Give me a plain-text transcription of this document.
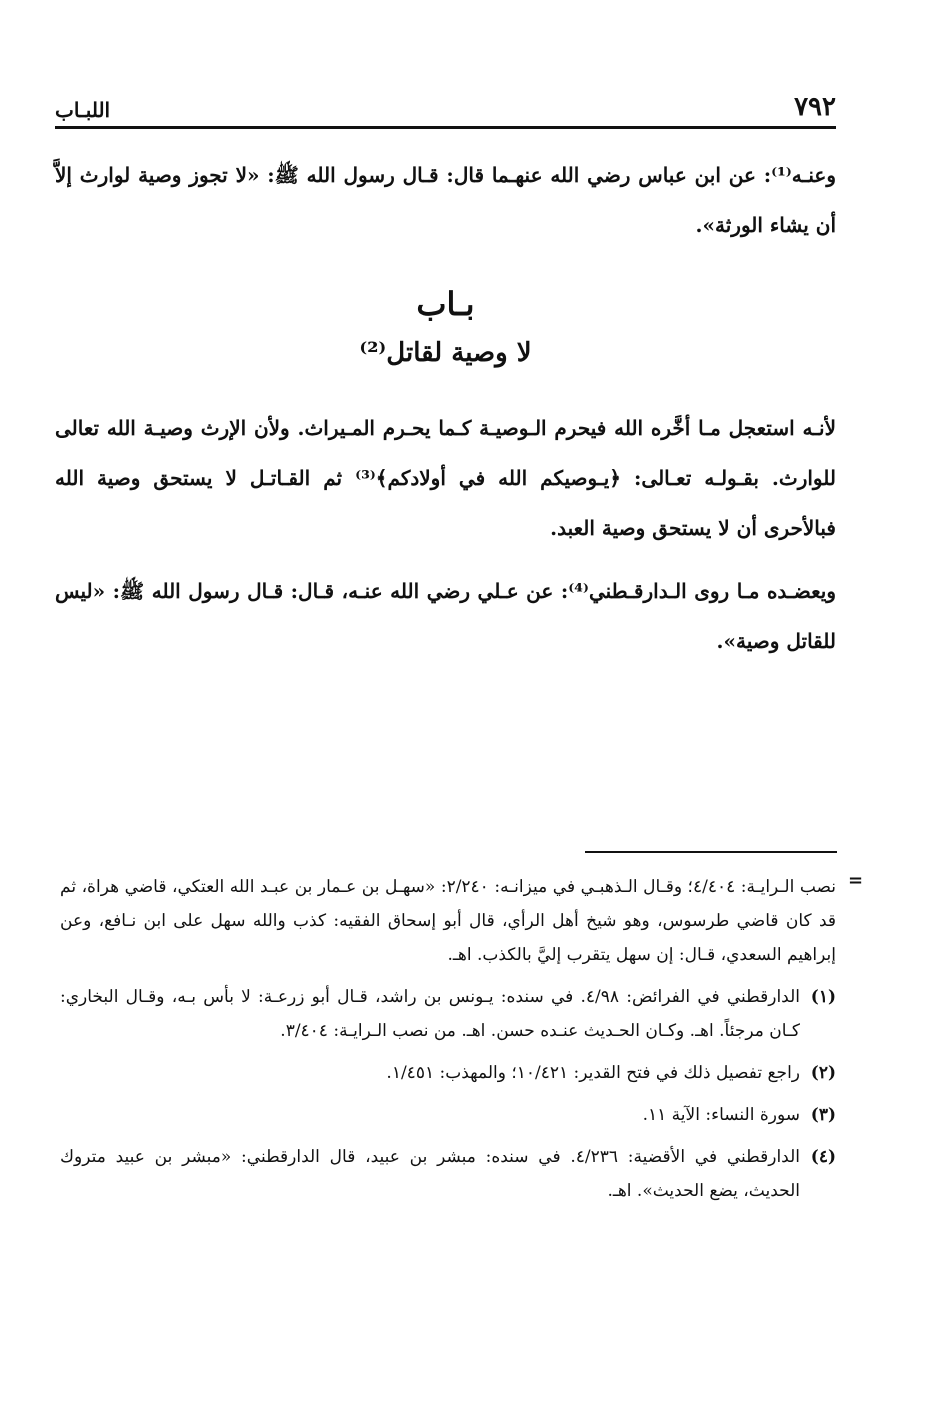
٧٩٢
اللبـاب
وعنـه⁽¹⁾: عن ابن عباس رضي الله عنهـما قال: قـال رسول الله ﷺ: «لا تجوز وصية لوارث إلاَّ أن يشاء الورثة».
بـاب
لا وصية لقاتل⁽²⁾
لأنـه استعجل مـا أخَّره الله فيحرم الـوصيـة كـما يحـرم المـيراث. ولأن الإرث وصيـة الله تعالى للوارث. بقـولـه تعـالى: ﴿يـوصيكم الله في أولادكم﴾⁽³⁾ ثم القـاتـل لا يستحق وصية الله فبالأحرى أن لا يستحق وصية العبد.
ويعضـده مـا روى الـدارقـطني⁽⁴⁾: عن عـلي رضي الله عنـه، قـال: قـال رسول الله ﷺ: «ليس للقاتل وصية».
=
نصب الـرايـة: ٤/٤٠٤؛ وقـال الـذهبـي في ميزانـه: ٢/٢٤٠: «سهـل بن عـمار بن عبـد الله العتكي، قاضي هراة، ثم قد كان قاضي طرسوس، وهو شيخ أهل الرأي، قال أبو إسحاق الفقيه: كذب والله سهل على ابن نـافع، وعن إبراهيم السعدي، قـال: إن سهل يتقرب إليَّ بالكذب. اهـ.
(١)
الدارقطني في الفرائض: ٤/٩٨. في سنده: يـونس بن راشد، قـال أبو زرعـة: لا بأس بـه، وقـال البخاري: كـان مرجئاً. اهـ. وكـان الحـديث عنـده حسن. اهـ. من نصب الـرايـة: ٣/٤٠٤.
(٢)
راجع تفصيل ذلك في فتح القدير: ١٠/٤٢١؛ والمهذب: ١/٤٥١.
(٣)
سورة النساء: الآية ١١.
(٤)
الدارقطني في الأقضية: ٤/٢٣٦. في سنده: مبشر بن عبيد، قال الدارقطني: «مبشر بن عبيد متروك الحديث، يضع الحديث». اهـ.
